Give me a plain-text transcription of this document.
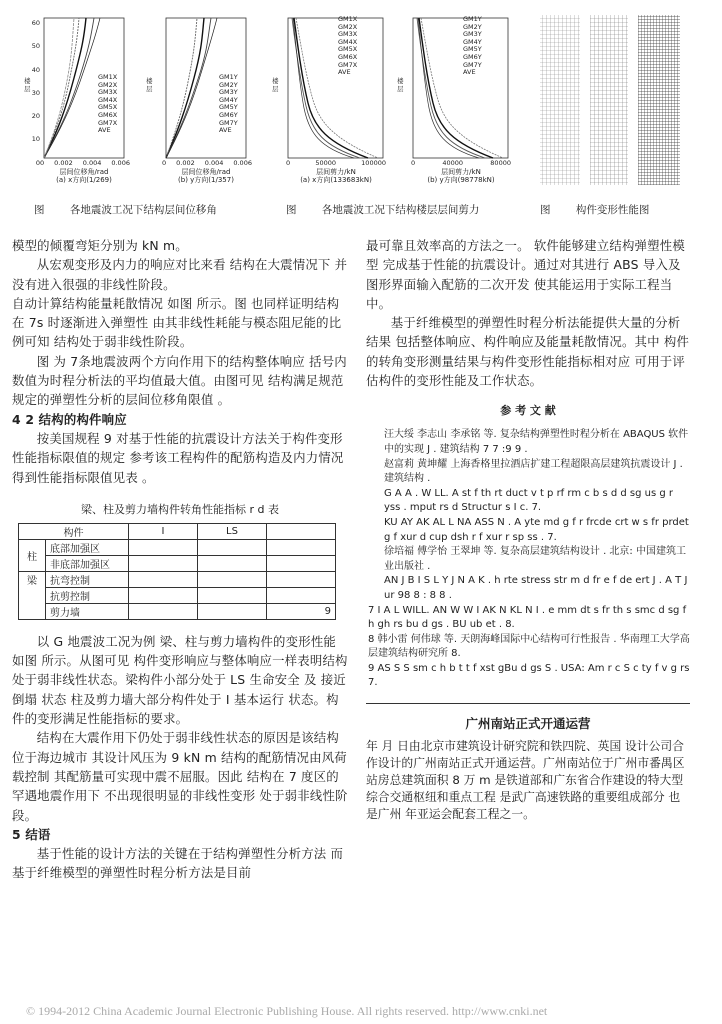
GM1X
GM2X
GM3X
GM4X
GM5X
GM6X
GM7X
AVE
GM1Y
GM2Y
GM3Y
GM4Y
GM5Y
GM6Y
GM7Y
AVE
60
50
40
30
20
10
0
楼层
楼层
0 0.002 0.004 0.006	0 0.002 0.004 0.006
层间位移角/rad
(a) x方向(1/269)
层间位移角/rad
(b) y方向(1/357)
GM1X
GM2X
GM3X
GM4X
GM5X
GM6X
GM7X
AVE
GM1Y
GM2Y
GM3Y
GM4Y
GM5Y
GM6Y
GM7Y
AVE
楼层
楼层
0	50000	100000	0	40000	80000
层间剪力/kN
(a) x方向(133683kN)
层间剪力/kN
(b) y方向(98778kN)
图 各地震波工况下结构层间位移角	图 各地震波工况下结构楼层层间剪力	图 构件变形性能图
模型的倾覆弯矩分别为 kN m。
从宏观变形及内力的响应对比来看 结构在大震情况下 并没有进入很强的非线性阶段。
自动计算结构能量耗散情况 如图 所示。图 也同样证明结构在 7s 时逐渐进入弹塑性 由其非线性耗能与模态阻尼能的比例可知 结构处于弱非线性阶段。
图 为 7条地震波两个方向作用下的结构整体响应 括号内数值为时程分析法的平均值最大值。由图可见 结构满足规范规定的弹塑性分析的层间位移角限值 。
4 2 结构的构件响应
按美国规程 9 对基于性能的抗震设计方法关于构件变形性能指标限值的规定 参考该工程构件的配筋构造及内力情况 得到性能指标限值见表 。
梁、柱及剪力墙构件转角性能指标 r d 表
构件		I	LS	
柱	底部加强区			
	非底部加强区			
梁	抗弯控制			
	抗剪控制			
	剪力墙			9
以 G 地震波工况为例 梁、柱与剪力墙构件的变形性能如图 所示。从图可见 构件变形响应与整体响应一样表明结构处于弱非线性状态。梁构件小部分处于 LS 生命安全 及 接近倒塌 状态 柱及剪力墙大部分构件处于 I 基本运行 状态。构件的变形满足性能指标的要求。
结构在大震作用下仍处于弱非线性状态的原因是该结构位于海边城市 其设计风压为 9 kN m 结构的配筋情况由风荷载控制 其配筋量可实现中震不屈服。因此 结构在 7 度区的罕遇地震作用下 不出现很明显的非线性变形 处于弱非线性阶段。
5 结语
基于性能的设计方法的关键在于结构弹塑性分析方法 而基于纤维模型的弹塑性时程分析方法是目前
最可靠且效率高的方法之一。 软件能够建立结构弹塑性模型 完成基于性能的抗震设计。通过对其进行 ABS 导入及图形界面输入配筋的二次开发 使其能运用于实际工程当中。
基于纤维模型的弹塑性时程分析法能提供大量的分析结果 包括整体响应、构件响应及能量耗散情况。其中 构件的转角变形测量结果与构件变形性能指标相对应 可用于评估构件的变形性能及工作状态。
参 考 文 献

汪大绥 李志山 李承铭 等. 复杂结构弹塑性时程分析在 ABAQUS 软件中的实现 J . 建筑结构 7 7 :9 9 .

赵富莉 黄坤耀 上海香格里拉酒店扩建工程超限高层建筑抗震设计 J . 建筑结构 .

G A A . W LL. A st f th rt duct v t p rf rm c b s d d sg us g r yss . mput rs d Structur s I c. 7.

KU AY AK AL L NA ASS N . A yte md g f r frcde crt w s fr prdet g f xur d cup dsh r f xur r sp ss . 7.

徐培福 傅学怡 王翠坤 等. 复杂高层建筑结构设计 . 北京: 中国建筑工业出版社 .

AN J B I S L Y J N A K . h rte stress str m d fr e f de ert J . A T J ur 98 8 : 8 8 .

7 I A L WILL. AN W W I AK N KL N I . e mm dt s fr th s smc d sg f h gh rs bu d gs . BU ub et . 8.

8 韩小雷 何伟球 等. 天朗海峰国际中心结构可行性报告 . 华南理工大学高层建筑结构研究所 8.

9 AS S S sm c h b t t f xst gBu d gs S . USA: Am r c S c ty f v g rs 7.

广州南站正式开通运营
年 月 日由北京市建筑设计研究院和铁四院、英国 设计公司合作设计的广州南站正式开通运营。广州南站位于广州市番禺区 站房总建筑面积 8 万 m 是铁道部和广东省合作建设的特大型综合交通枢纽和重点工程 是武广高速铁路的重要组成部分 也是广州 年亚运会配套工程之一。
© 1994-2012 China Academic Journal Electronic Publishing House. All rights reserved. http://www.cnki.net
